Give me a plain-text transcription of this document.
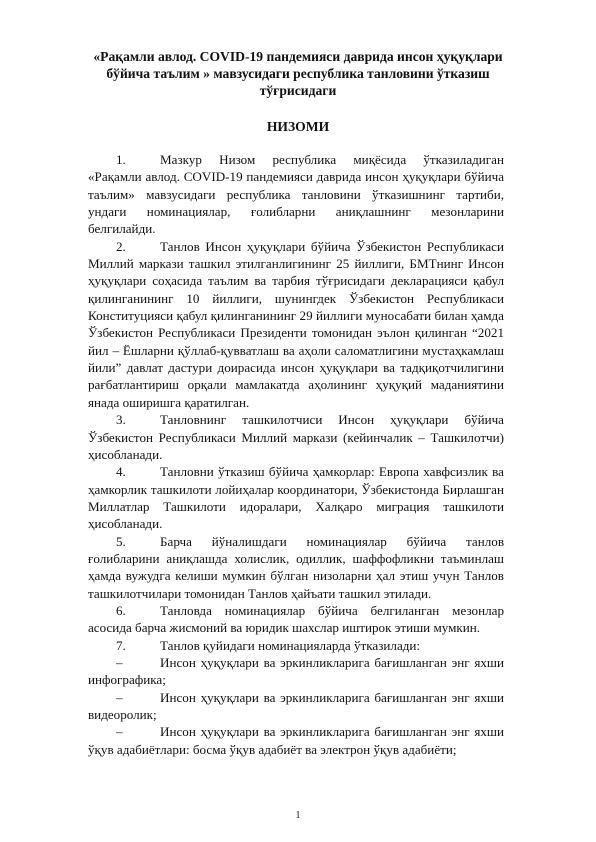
«Рақамли авлод. COVID-19 пандемияси даврида инсон ҳуқуқлари бўйича таълим » мавзусидаги республика танловини ўтказиш тўғрисидаги
НИЗОМИ

1.	Мазкур Низом республика миқёсида ўтказиладиган «Рақамли авлод. COVID-19 пандемияси даврида инсон ҳуқуқлари бўйича таълим» мавзусидаги республика танловини ўтказишнинг тартиби, ундаги номинациялар, ғолибларни аниқлашнинг мезонларини белгилайди.

2.	Танлов Инсон ҳуқуқлари бўйича Ўзбекистон Республикаси Миллий маркази ташкил этилганлигининг 25 йиллиги, БМТнинг Инсон ҳуқуқлари соҳасида таълим ва тарбия тўғрисидаги декларацияси қабул қилинганининг 10 йиллиги, шунингдек Ўзбекистон Республикаси Конституцияси қабул қилинганининг 29 йиллиги муносабати билан ҳамда Ўзбекистон Республикаси Президенти томонидан эълон қилинган “2021 йил – Ёшларни қўллаб-қувватлаш ва аҳоли саломатлигини мустаҳкамлаш йили” давлат дастури доирасида инсон ҳуқуқлари ва тадқиқотчилигини рағбатлантириш орқали мамлакатда аҳолининг ҳуқуқий маданиятини янада оширишга қаратилган.

3.	Танловнинг ташкилотчиси Инсон ҳуқуқлари бўйича Ўзбекистон Республикаси Миллий маркази (кейинчалик – Ташкилотчи) ҳисобланади.

4.	Танловни ўтказиш бўйича ҳамкорлар: Европа хавфсизлик ва ҳамкорлик ташкилоти лойиҳалар координатори, Ўзбекистонда Бирлашган Миллатлар Ташкилоти идоралари, Халқаро миграция ташкилоти ҳисобланади.

5.	Барча йўналишдаги номинациялар бўйича танлов ғолибларини аниқлашда холислик, одиллик, шаффофликни таъминлаш ҳамда вужудга келиши мумкин бўлган низоларни ҳал этиш учун Танлов ташкилотчилари томонидан Танлов ҳайъати ташкил этилади.

6.	Танловда номинациялар бўйича белгиланган мезонлар асосида барча жисмоний ва юридик шахслар иштирок этиши мумкин.

7.	Танлов қуйидаги номинацияларда ўтказилади:

–	Инсон ҳуқуқлари ва эркинликларига бағишланган энг яхши инфографика;

–	Инсон ҳуқуқлари ва эркинликларига бағишланган энг яхши видеоролик;

–	Инсон ҳуқуқлари ва эркинликларига бағишланган энг яхши ўқув адабиётлари: босма ўқув адабиёт ва электрон ўқув адабиёти;

1
